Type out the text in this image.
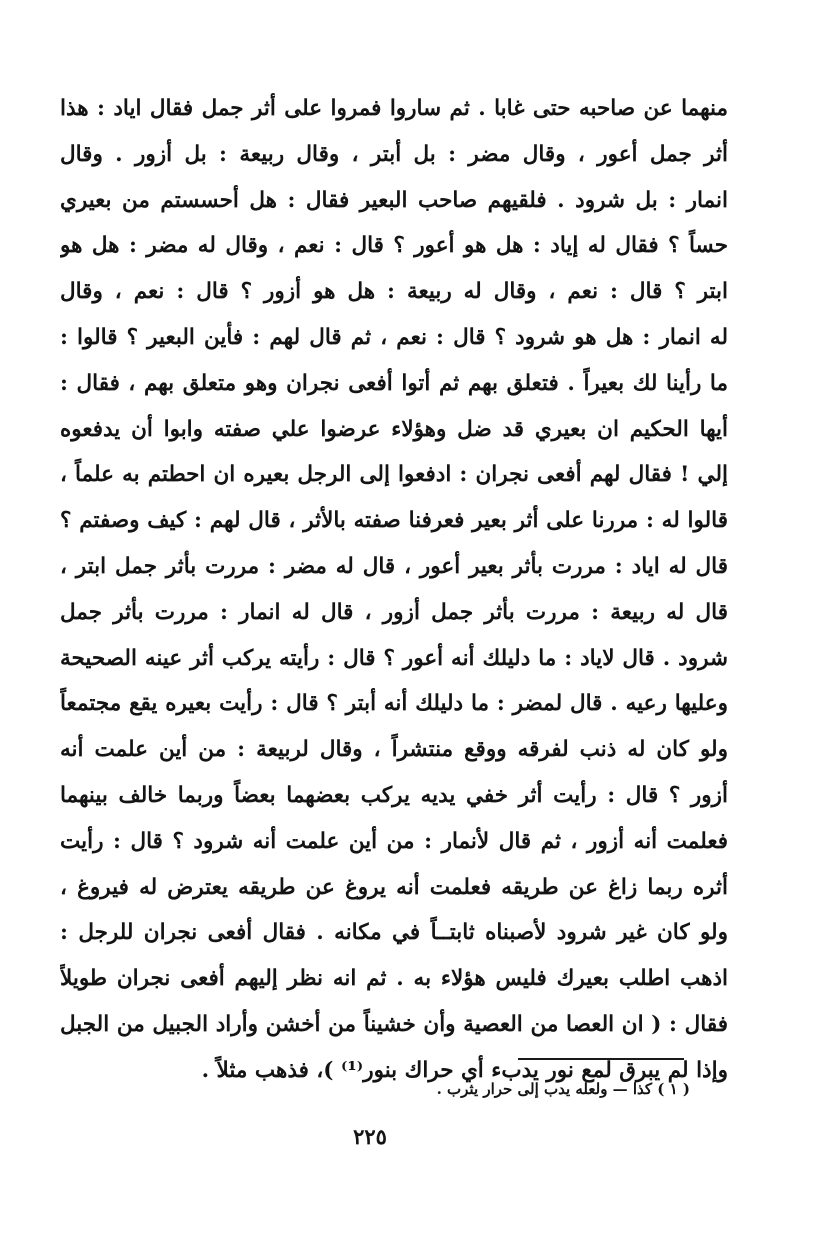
منهما عن صاحبه حتى غابا . ثم ساروا فمروا على أثر جمل فقال اياد : هذا
أثر جمل أعور ، وقال مضر : بل أبتر ، وقال ربيعة : بل أزور . وقال
انمار : بل شرود . فلقيهم صاحب البعير فقال : هل أحسستم من بعيري
حساً ؟ فقال له إياد : هل هو أعور ؟ قال : نعم ، وقال له مضر : هل هو
ابتر ؟ قال : نعم ، وقال له ربيعة : هل هو أزور ؟ قال : نعم ، وقال
له انمار : هل هو شرود ؟ قال : نعم ، ثم قال لهم : فأين البعير ؟ قالوا :
ما رأينا لك بعيراً . فتعلق بهم ثم أتوا أفعى نجران وهو متعلق بهم ، فقال :
أيها الحكيم ان بعيري قد ضل وهؤلاء عرضوا علي صفته وابوا أن يدفعوه
إلي ! فقال لهم أفعى نجران : ادفعوا إلى الرجل بعيره ان احطتم به علماً ،
قالوا له : مررنا على أثر بعير فعرفنا صفته بالأثر ، قال لهم : كيف وصفتم ؟
قال له اياد : مررت بأثر بعير أعور ، قال له مضر : مررت بأثر جمل ابتر ،
قال له ربيعة : مررت بأثر جمل أزور ، قال له انمار : مررت بأثر جمل
شرود . قال لاياد : ما دليلك أنه أعور ؟ قال : رأيته يركب أثر عينه الصحيحة
وعليها رعيه . قال لمضر : ما دليلك أنه أبتر ؟ قال : رأيت بعيره يقع مجتمعاً
ولو كان له ذنب لفرقه ووقع منتشراً ، وقال لربيعة : من أين علمت أنه
أزور ؟ قال : رأيت أثر خفي يديه يركب بعضهما بعضاً وربما خالف بينهما
فعلمت أنه أزور ، ثم قال لأنمار : من أين علمت أنه شرود ؟ قال : رأيت
أثره ربما زاغ عن طريقه فعلمت أنه يروغ عن طريقه يعترض له فيروغ ،
ولو كان غير شرود لأصبناه ثابتــاً في مكانه . فقال أفعى نجران للرجل :
اذهب اطلب بعيرك فليس هؤلاء به . ثم انه نظر إليهم أفعى نجران طويلاً
فقال : ( ان العصا من العصية وأن خشيناً من أخشن وأراد الجبيل من الجبل
وإذا لم يبرق لمع نور يدبء أي حراك بنور⁽¹⁾ )، فذهب مثلاً .
( ١ ) كذا — ولعله يدب إلى حرار يثرب .
٢٢٥
